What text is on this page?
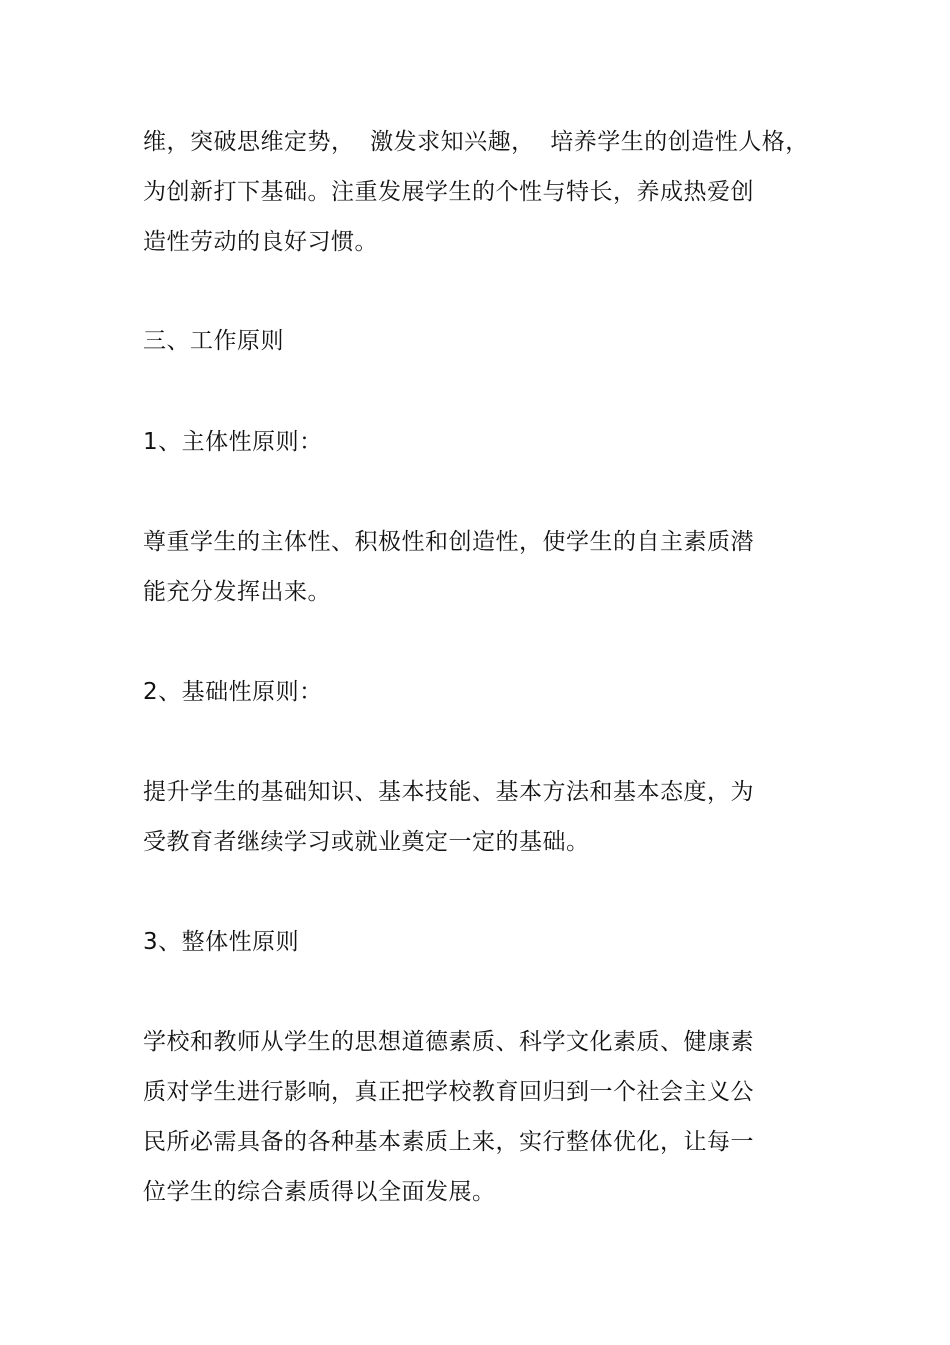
维，突破思维定势，  激发求知兴趣，  培养学生的创造性人格，
为创新打下基础。注重发展学生的个性与特长，养成热爱创
造性劳动的良好习惯。
三、工作原则
1、主体性原则：
尊重学生的主体性、积极性和创造性，使学生的自主素质潜
能充分发挥出来。
2、基础性原则：
提升学生的基础知识、基本技能、基本方法和基本态度，为
受教育者继续学习或就业奠定一定的基础。
3、整体性原则
学校和教师从学生的思想道德素质、科学文化素质、健康素
质对学生进行影响，真正把学校教育回归到一个社会主义公
民所必需具备的各种基本素质上来，实行整体优化，让每一
位学生的综合素质得以全面发展。
